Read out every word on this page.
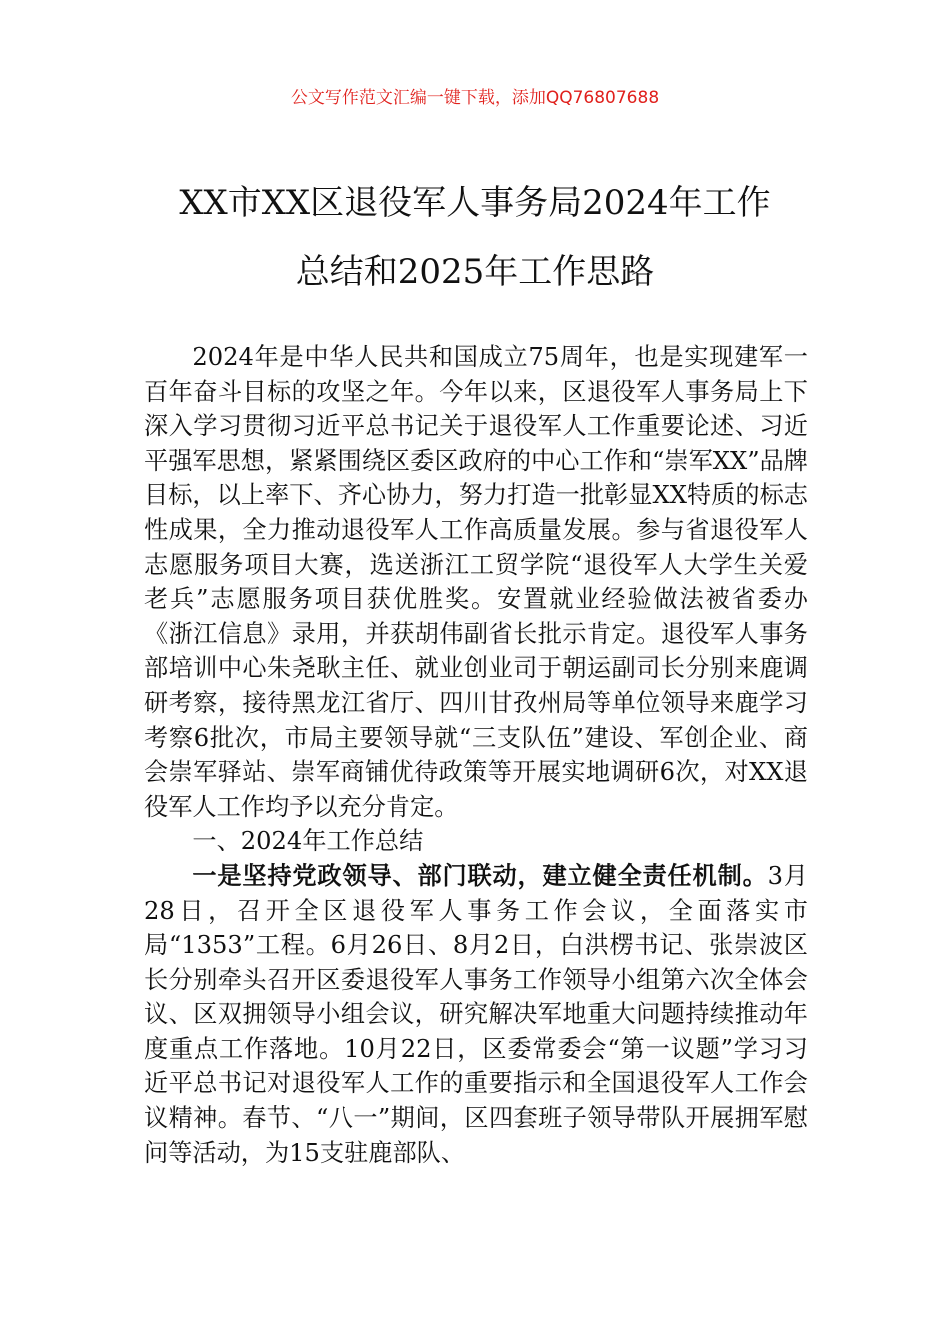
公文写作范文汇编一键下载，添加QQ76807688
XX市XX区退役军人事务局2024年工作
总结和2025年工作思路

2024年是中华人民共和国成立75周年，也是实现建军一百年奋斗目标的攻坚之年。今年以来，区退役军人事务局上下深入学习贯彻习近平总书记关于退役军人工作重要论述、习近平强军思想，紧紧围绕区委区政府的中心工作和“崇军XX”品牌目标，以上率下、齐心协力，努力打造一批彰显XX特质的标志性成果，全力推动退役军人工作高质量发展。参与省退役军人志愿服务项目大赛，选送浙江工贸学院“退役军人大学生关爱老兵”志愿服务项目获优胜奖。安置就业经验做法被省委办《浙江信息》录用，并获胡伟副省长批示肯定。退役军人事务部培训中心朱尧耿主任、就业创业司于朝运副司长分别来鹿调研考察，接待黑龙江省厅、四川甘孜州局等单位领导来鹿学习考察6批次，市局主要领导就“三支队伍”建设、军创企业、商会崇军驿站、崇军商铺优待政策等开展实地调研6次，对XX退役军人工作均予以充分肯定。

一、2024年工作总结

一是坚持党政领导、部门联动，建立健全责任机制。3月28日，召开全区退役军人事务工作会议，全面落实市局“1353”工程。6月26日、8月2日，白洪楞书记、张崇波区长分别牵头召开区委退役军人事务工作领导小组第六次全体会议、区双拥领导小组会议，研究解决军地重大问题持续推动年度重点工作落地。10月22日，区委常委会“第一议题”学习习近平总书记对退役军人工作的重要指示和全国退役军人工作会议精神。春节、“八一”期间，区四套班子领导带队开展拥军慰问等活动，为15支驻鹿部队、
